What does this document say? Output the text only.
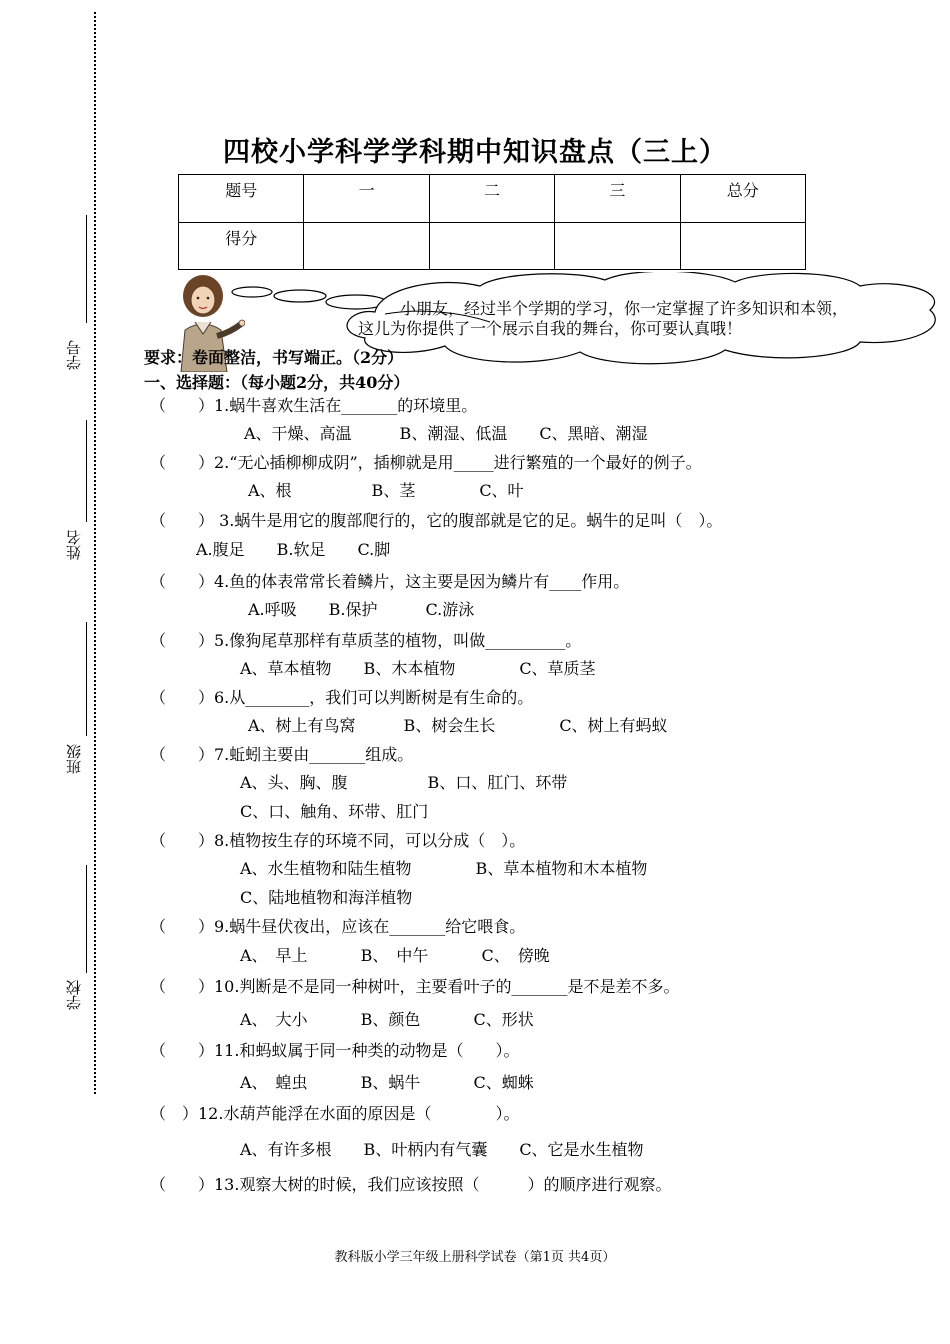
学号
姓名
班级
学校
四校小学科学学科期中知识盘点（三上）
题号	一	二	三	总分
得分				
小朋友，经过半个学期的学习，你一定掌握了许多知识和本领，
这儿为你提供了一个展示自我的舞台，你可要认真哦！
要求：卷面整洁，书写端正。（2分）
一、选择题：（每小题2分，共40分）
（　　）1.蜗牛喜欢生活在_______的环境里。
A、干燥、高温　　　B、潮湿、低温　　C、黑暗、潮湿
（　　）2.“无心插柳柳成阴”，插柳就是用_____进行繁殖的一个最好的例子。
A、根　　　　　B、茎　　　　C、叶
（　　） 3.蜗牛是用它的腹部爬行的，它的腹部就是它的足。蜗牛的足叫（　）。
A.腹足　　B.软足　　C.脚
（　　）4.鱼的体表常常长着鳞片，这主要是因为鳞片有____作用。
A.呼吸　　B.保护　　　C.游泳
（　　）5.像狗尾草那样有草质茎的植物，叫做__________。
A、草本植物　　B、木本植物　　　　C、草质茎
（　　）6.从________，我们可以判断树是有生命的。
A、树上有鸟窝　　　B、树会生长　　　　C、树上有蚂蚁
（　　）7.蚯蚓主要由_______组成。
A、头、胸、腹　　　　　B、口、肛门、环带
C、口、触角、环带、肛门
（　　）8.植物按生存的环境不同，可以分成（　）。
A、水生植物和陆生植物　　　　B、草本植物和木本植物
C、陆地植物和海洋植物
（　　）9.蜗牛昼伏夜出，应该在_______给它喂食。
A、　早上　　　 B、　中午　　　 C、　傍晚
（　　）10.判断是不是同一种树叶，主要看叶子的_______是不是差不多。
A、　大小　　　 B、颜色　　　 C、形状
（　　）11.和蚂蚁属于同一种类的动物是（　　）。
A、　蝗虫　　　 B、蜗牛　　　 C、蜘蛛
（　）12.水葫芦能浮在水面的原因是（　　　　）。
A、有许多根　　B、叶柄内有气囊　　C、它是水生植物
（　　）13.观察大树的时候，我们应该按照（　　　）的顺序进行观察。
教科版小学三年级上册科学试卷（第1页 共4页）
